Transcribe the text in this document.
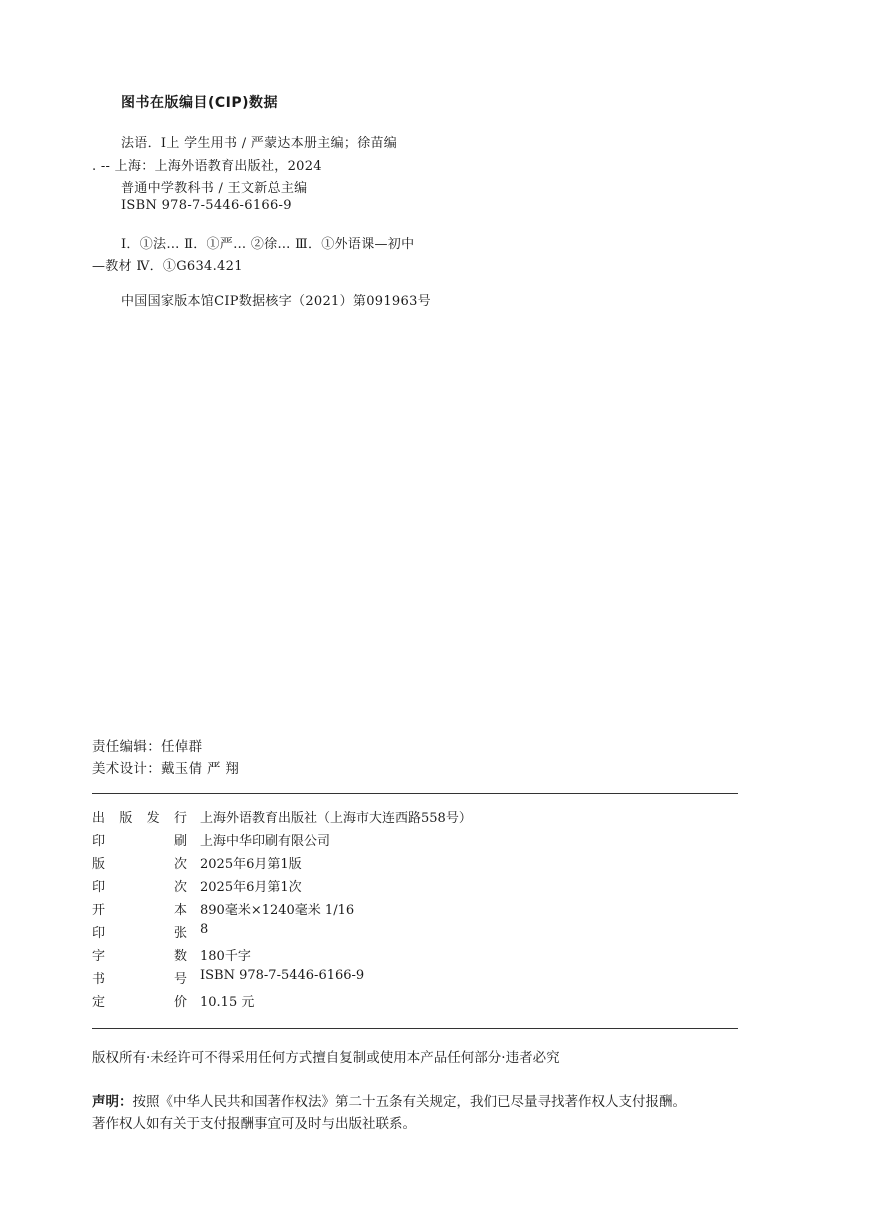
图书在版编目(CIP)数据
法语．Ⅰ上 学生用书 / 严蒙达本册主编；徐苗编
. -- 上海：上海外语教育出版社，2024
普通中学教科书 / 王文新总主编
ISBN 978-7-5446-6166-9
Ⅰ．①法… Ⅱ．①严… ②徐… Ⅲ．①外语课—初中
—教材 Ⅳ．①G634.421
中国国家版本馆CIP数据核字（2021）第091963号
责任编辑：任倬群
美术设计：戴玉倩 严 翔
出 版 发 行 上海外语教育出版社（上海市大连西路558号）
印	刷 上海中华印刷有限公司
版	次 2025年6月第1版
印	次 2025年6月第1次
开	本 890毫米×1240毫米 1/16
印	张 8
字	数 180千字
书	号 ISBN 978-7-5446-6166-9
定	价 10.15 元
版权所有·未经许可不得采用任何方式擅自复制或使用本产品任何部分·违者必究
声明：按照《中华人民共和国著作权法》第二十五条有关规定，我们已尽量寻找著作权人支付报酬。
著作权人如有关于支付报酬事宜可及时与出版社联系。
